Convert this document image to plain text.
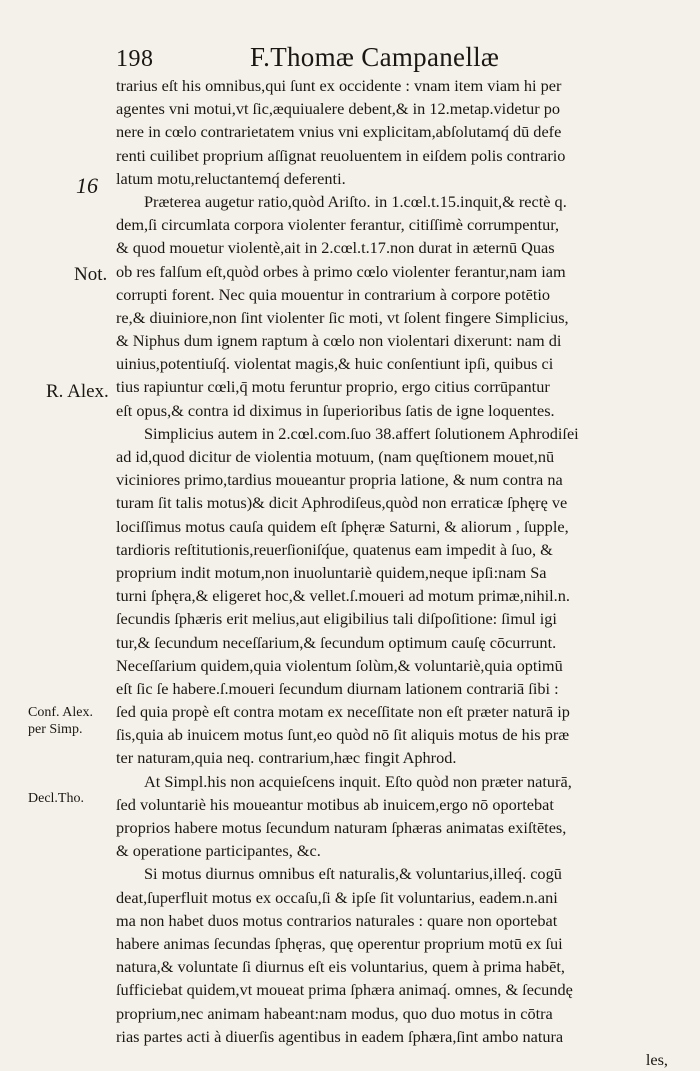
198	F.Thomæ Campanellæ
16
Not.
R. Alex.
Conf. Alex.
per Simp.
Decl.Tho.
trarius eſt his omnibus,qui ſunt ex occidente : vnam item viam hi per
agentes vni motui,vt ſic,æquiualere debent,& in 12.metap.videtur po
nere in cœlo contrarietatem vnius vni explicitam,abſolutamq́ dū defe
renti cuilibet proprium aſſignat reuoluentem in eiſdem polis contrario
latum motu,reluctantemq́ deferenti.
Præterea augetur ratio,quòd Ariſto. in 1.cœl.t.15.inquit,& rectè q.
dem,ſi circumlata corpora violenter ferantur, citiſſimè corrumpentur,
& quod mouetur violentè,ait in 2.cœl.t.17.non durat in æternū Quas
ob res falſum eſt,quòd orbes à primo cœlo violenter ferantur,nam iam
corrupti forent. Nec quia mouentur in contrarium à corpore potētio
re,& diuiniore,non ſint violenter ſic moti, vt ſolent fingere Simplicius,
& Niphus dum ignem raptum à cœlo non violentari dixerunt: nam di
uinius,potentiuſq́. violentat magis,& huic conſentiunt ipſi, quibus ci
tius rapiuntur cœli,q̄ motu feruntur proprio, ergo citius corrūpantur
eſt opus,& contra id diximus in ſuperioribus ſatis de igne loquentes.
Simplicius autem in 2.cœl.com.ſuo 38.affert ſolutionem Aphrodiſei
ad id,quod dicitur de violentia motuum, (nam quęſtionem mouet,nū
viciniores primo,tardius moueantur propria latione, & num contra na
turam ſit talis motus)& dicit Aphrodiſeus,quòd non erraticæ ſphęrę ve
lociſſimus motus cauſa quidem eſt ſphęræ Saturni, & aliorum , ſupple,
tardioris reſtitutionis,reuerſioniſq́ue, quatenus eam impedit à ſuo, &
proprium indit motum,non inuoluntariè quidem,neque ipſi:nam Sa
turni ſphęra,& eligeret hoc,& vellet.ſ.moueri ad motum primæ,nihil.n.
ſecundis ſphæris erit melius,aut eligibilius tali diſpoſitione: ſimul igi
tur,& ſecundum neceſſarium,& ſecundum optimum cauſę cōcurrunt.
Neceſſarium quidem,quia violentum ſolùm,& voluntariè,quia optimū
eſt ſic ſe habere.ſ.moueri ſecundum diurnam lationem contrariā ſibi :
ſed quia propè eſt contra motam ex neceſſitate non eſt præter naturā ip
ſis,quia ab inuicem motus ſunt,eo quòd nō ſit aliquis motus de his præ
ter naturam,quia neq. contrarium,hæc fingit Aphrod.
At Simpl.his non acquieſcens inquit. Eſto quòd non præter naturā,
ſed voluntariè his moueantur motibus ab inuicem,ergo nō oportebat
proprios habere motus ſecundum naturam ſphæras animatas exiſtētes,
& operatione participantes, &c.
Si motus diurnus omnibus eſt naturalis,& voluntarius,illeq́. cogū
deat,ſuperfluit motus ex occaſu,ſi & ipſe ſit voluntarius, eadem.n.ani
ma non habet duos motus contrarios naturales : quare non oportebat
habere animas ſecundas ſphęras, quę operentur proprium motū ex ſui
natura,& voluntate ſi diurnus eſt eis voluntarius, quem à prima habēt,
ſufficiebat quidem,vt moueat prima ſphæra animaq́. omnes, & ſecundę
proprium,nec animam habeant:nam modus, quo duo motus in cōtra
rias partes acti à diuerſis agentibus in eadem ſphæra,ſint ambo natura
les,
